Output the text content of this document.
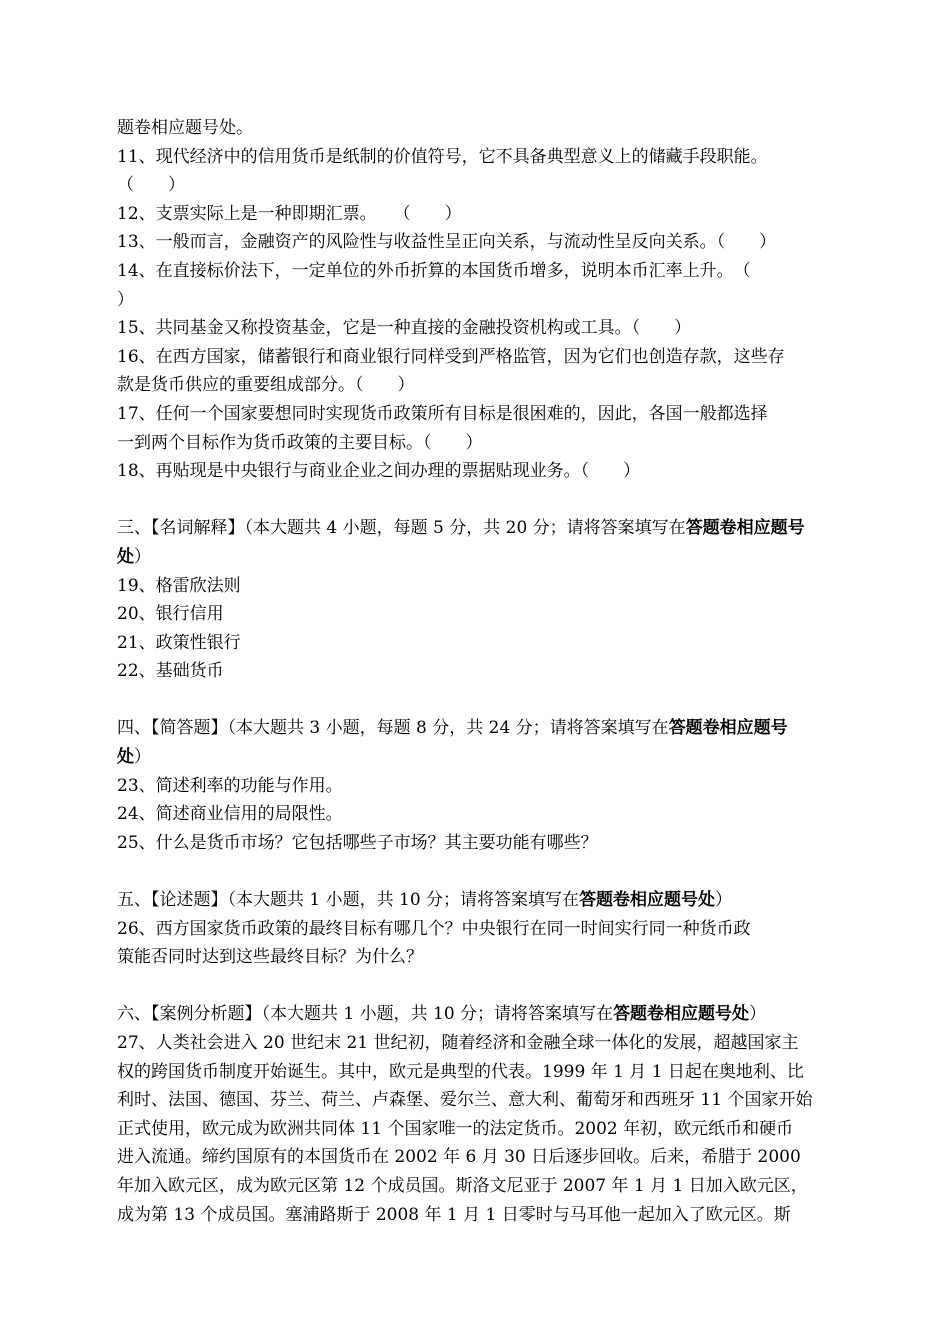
题卷相应题号处。
11、现代经济中的信用货币是纸制的价值符号，它不具备典型意义上的储藏手段职能。
（　　）
12、支票实际上是一种即期汇票。　　（　　）
13、一般而言，金融资产的风险性与收益性呈正向关系，与流动性呈反向关系。（　　）
14、在直接标价法下，一定单位的外币折算的本国货币增多，说明本币汇率上升。　（
）
15、共同基金又称投资基金，它是一种直接的金融投资机构或工具。（　　）
16、在西方国家，储蓄银行和商业银行同样受到严格监管，因为它们也创造存款，这些存
款是货币供应的重要组成部分。（　　）
17、任何一个国家要想同时实现货币政策所有目标是很困难的，因此，各国一般都选择
一到两个目标作为货币政策的主要目标。（　　）
18、再贴现是中央银行与商业企业之间办理的票据贴现业务。（　　）
三、【名词解释】（本大题共 4 小题，每题 5 分，共 20 分；请将答案填写在答题卷相应题号
处）
19、格雷欣法则
20、银行信用
21、政策性银行
22、基础货币
四、【简答题】（本大题共 3 小题，每题 8 分，共 24 分；请将答案填写在答题卷相应题号
处）
23、简述利率的功能与作用。
24、简述商业信用的局限性。
25、什么是货币市场？它包括哪些子市场？其主要功能有哪些？
五、【论述题】（本大题共 1 小题，共 10 分；请将答案填写在答题卷相应题号处）
26、西方国家货币政策的最终目标有哪几个？中央银行在同一时间实行同一种货币政
策能否同时达到这些最终目标？为什么？
六、【案例分析题】（本大题共 1 小题，共 10 分；请将答案填写在答题卷相应题号处）
27、人类社会进入 20 世纪末 21 世纪初，随着经济和金融全球一体化的发展，超越国家主
权的跨国货币制度开始诞生。其中，欧元是典型的代表。1999 年 1 月 1 日起在奥地利、比
利时、法国、德国、芬兰、荷兰、卢森堡、爱尔兰、意大利、葡萄牙和西班牙 11 个国家开始
正式使用，欧元成为欧洲共同体 11 个国家唯一的法定货币。2002 年初，欧元纸币和硬币
进入流通。缔约国原有的本国货币在 2002 年 6 月 30 日后逐步回收。后来，希腊于 2000
年加入欧元区，成为欧元区第 12 个成员国。斯洛文尼亚于 2007 年 1 月 1 日加入欧元区，
成为第 13 个成员国。塞浦路斯于 2008 年 1 月 1 日零时与马耳他一起加入了欧元区。斯
